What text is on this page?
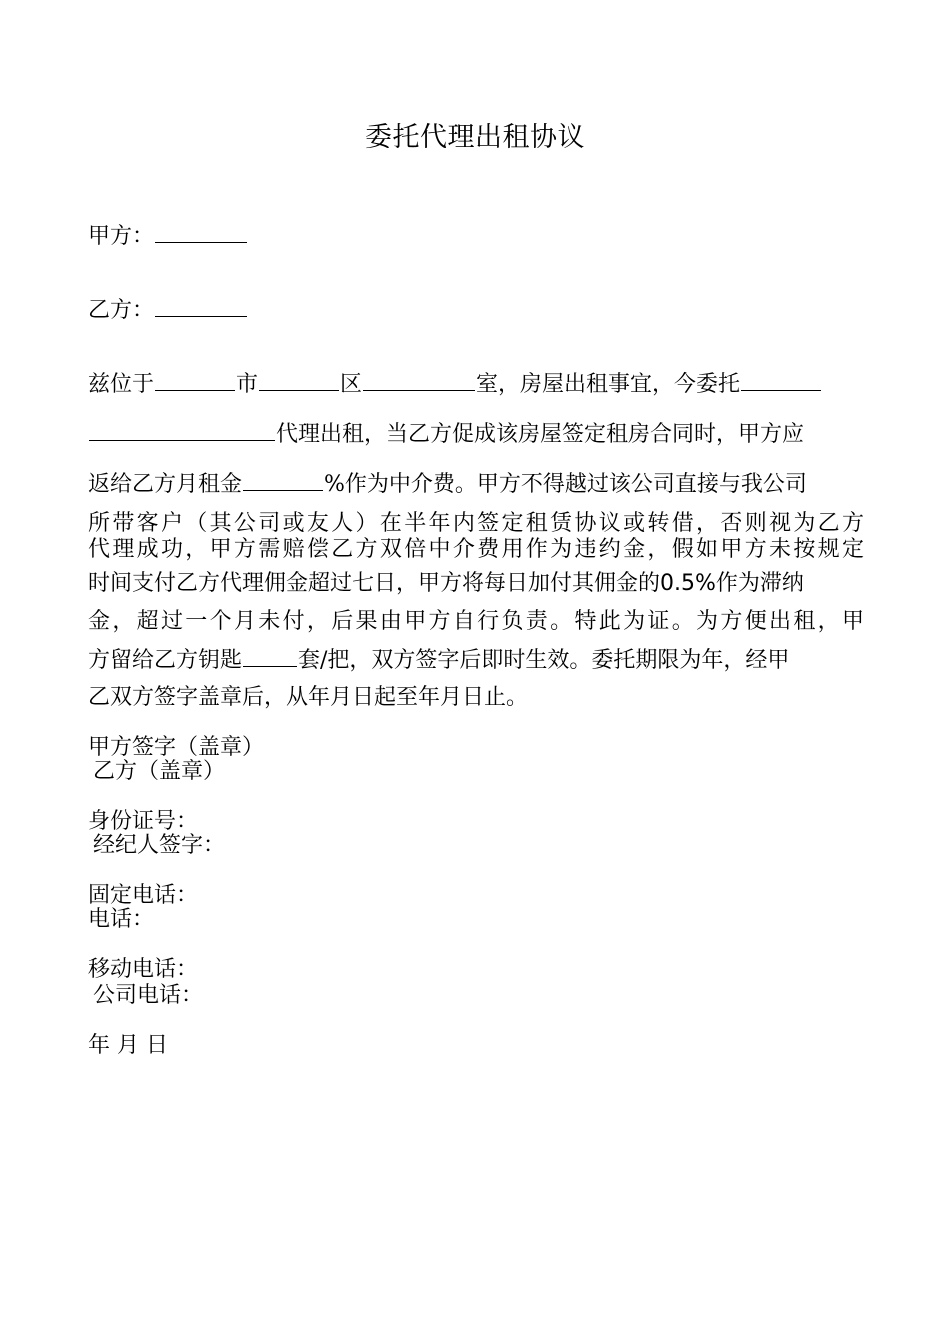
委托代理出租协议
甲方：
乙方：
兹位于	市	区	室，房屋出租事宜，今委托
代理出租，当乙方促成该房屋签定租房合同时，甲方应
返给乙方月租金	%作为中介费。甲方不得越过该公司直接与我公司
所带客户（其公司或友人）在半年内签定租赁协议或转借，否则视为乙方
代理成功，甲方需赔偿乙方双倍中介费用作为违约金，假如甲方未按规定
时间支付乙方代理佣金超过七日，甲方将每日加付其佣金的0.5%作为滞纳
金，超过一个月未付，后果由甲方自行负责。特此为证。为方便出租，甲
方留给乙方钥匙	套/把，双方签字后即时生效。委托期限为年，经甲
乙双方签字盖章后，从年月日起至年月日止。
甲方签字（盖章）
乙方（盖章）
身份证号：
经纪人签字：
固定电话：
电话：
移动电话：
公司电话：
年 月 日
